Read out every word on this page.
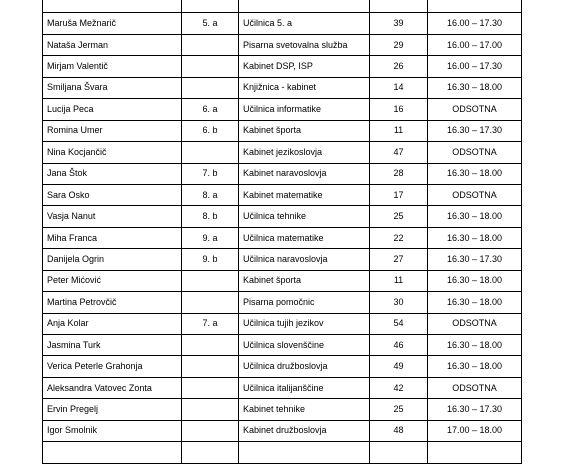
Maruša Mežnarič	5. a	Učilnica 5. a	39	16.00 – 17.30
Nataša Jerman		Pisarna svetovalna služba	29	16.00 – 17.00
Mirjam Valentič		Kabinet DSP, ISP	26	16.00 – 17.30
Smiljana Švara		Knjižnica - kabinet	14	16.30 – 18.00
Lucija Peca	6. a	Učilnica informatike	16	ODSOTNA
Romina Umer	6. b	Kabinet športa	11	16.30 – 17.30
Nina Kocjančič		Kabinet jezikoslovja	47	ODSOTNA
Jana Štok	7. b	Kabinet naravoslovja	28	16.30 – 18.00
Sara Osko	8. a	Kabinet matematike	17	ODSOTNA
Vasja Nanut	8. b	Učilnica tehnike	25	16.30 – 18.00
Miha Franca	9. a	Učilnica matematike	22	16.30 – 18.00
Danijela Ogrin	9. b	Učilnica naravoslovja	27	16.30 – 17.30
Peter Mićović		Kabinet športa	11	16.30 – 18.00
Martina Petrovčič		Pisarna pomočnic	30	16.30 – 18.00
Anja Kolar	7. a	Učilnica tujih jezikov	54	ODSOTNA
Jasmina Turk		Učilnica slovenščine	46	16.30 – 18.00
Verica Peterle Grahonja		Učilnica družboslovja	49	16.30 – 18.00
Aleksandra Vatovec Zonta		Učilnica italijanščine	42	ODSOTNA
Ervin Pregelj		Kabinet tehnike	25	16.30 – 17.30
Igor Smolnik		Kabinet družboslovja	48	17.00 – 18.00
